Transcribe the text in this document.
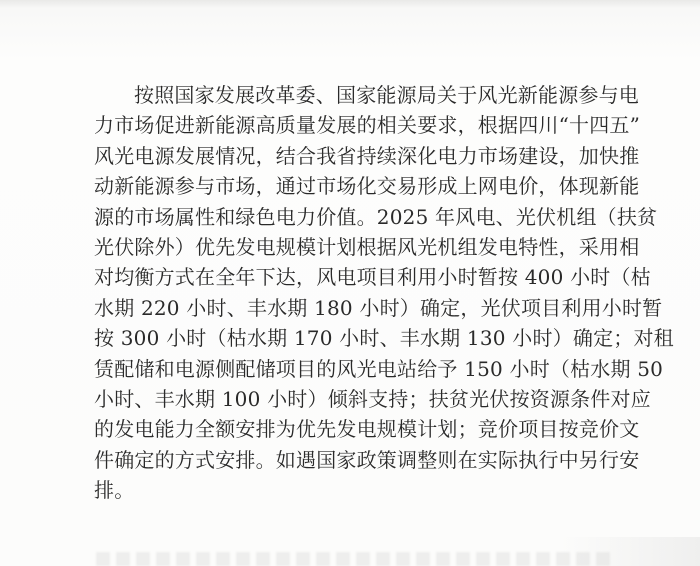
按照国家发展改革委、国家能源局关于风光新能源参与电
力市场促进新能源高质量发展的相关要求，根据四川“十四五”
风光电源发展情况，结合我省持续深化电力市场建设，加快推
动新能源参与市场，通过市场化交易形成上网电价，体现新能
源的市场属性和绿色电力价值。2025 年风电、光伏机组（扶贫
光伏除外）优先发电规模计划根据风光机组发电特性，采用相
对均衡方式在全年下达，风电项目利用小时暂按 400 小时（枯
水期 220 小时、丰水期 180 小时）确定，光伏项目利用小时暂
按 300 小时（枯水期 170 小时、丰水期 130 小时）确定；对租
赁配储和电源侧配储项目的风光电站给予 150 小时（枯水期 50
小时、丰水期 100 小时）倾斜支持；扶贫光伏按资源条件对应
的发电能力全额安排为优先发电规模计划；竞价项目按竞价文
件确定的方式安排。如遇国家政策调整则在实际执行中另行安
排。
